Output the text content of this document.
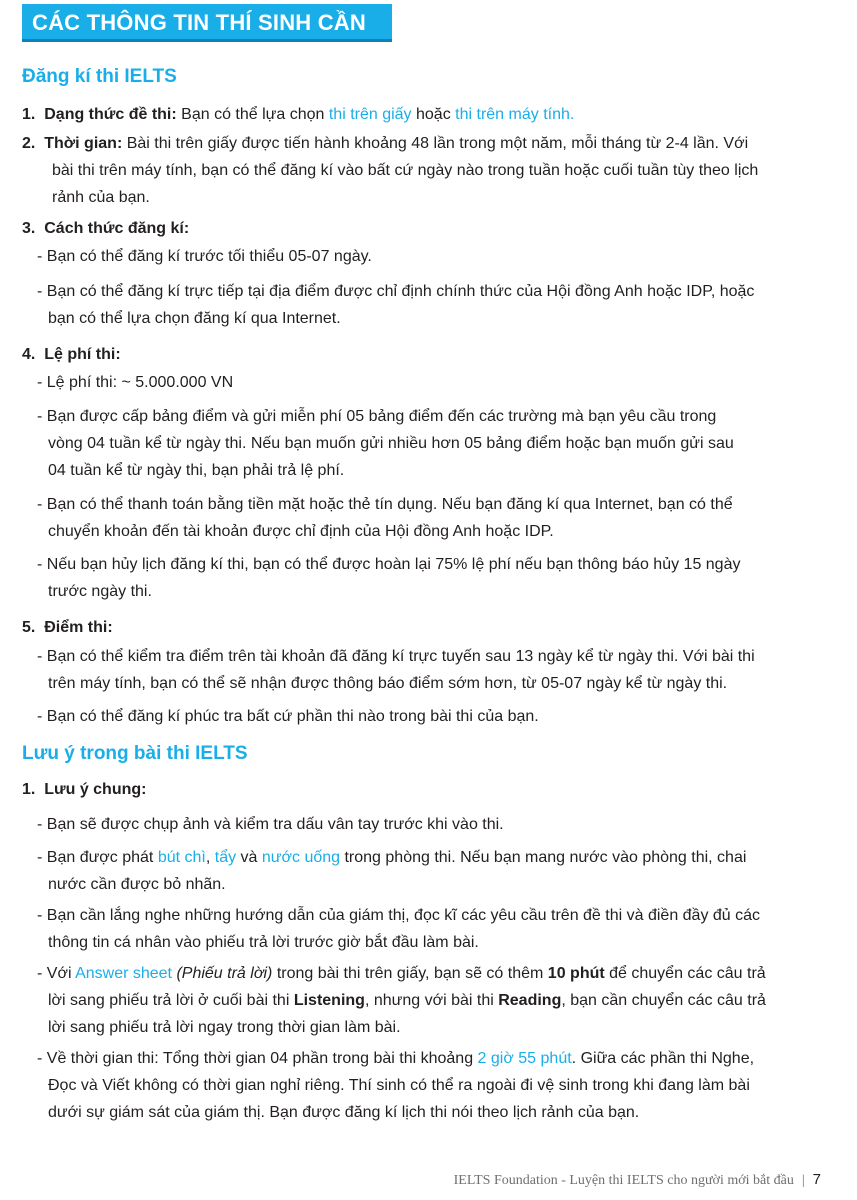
CÁC THÔNG TIN THÍ SINH CẦN BIẾT
Đăng kí thi IELTS
1. Dạng thức đề thi: Bạn có thể lựa chọn thi trên giấy hoặc thi trên máy tính.
2. Thời gian: Bài thi trên giấy được tiến hành khoảng 48 lần trong một năm, mỗi tháng từ 2-4 lần. Với
bài thi trên máy tính, bạn có thể đăng kí vào bất cứ ngày nào trong tuần hoặc cuối tuần tùy theo lịch
rảnh của bạn.
3. Cách thức đăng kí:
- Bạn có thể đăng kí trước tối thiểu 05-07 ngày.
- Bạn có thể đăng kí trực tiếp tại địa điểm được chỉ định chính thức của Hội đồng Anh hoặc IDP, hoặc
bạn có thể lựa chọn đăng kí qua Internet.
4. Lệ phí thi:
- Lệ phí thi: ~ 5.000.000 VN
- Bạn được cấp bảng điểm và gửi miễn phí 05 bảng điểm đến các trường mà bạn yêu cầu trong
vòng 04 tuần kể từ ngày thi. Nếu bạn muốn gửi nhiều hơn 05 bảng điểm hoặc bạn muốn gửi sau
04 tuần kể từ ngày thi, bạn phải trả lệ phí.
- Bạn có thể thanh toán bằng tiền mặt hoặc thẻ tín dụng. Nếu bạn đăng kí qua Internet, bạn có thể
chuyển khoản đến tài khoản được chỉ định của Hội đồng Anh hoặc IDP.
- Nếu bạn hủy lịch đăng kí thi, bạn có thể được hoàn lại 75% lệ phí nếu bạn thông báo hủy 15 ngày
trước ngày thi.
5. Điểm thi:
- Bạn có thể kiểm tra điểm trên tài khoản đã đăng kí trực tuyến sau 13 ngày kể từ ngày thi. Với bài thi
trên máy tính, bạn có thể sẽ nhận được thông báo điểm sớm hơn, từ 05-07 ngày kể từ ngày thi.
- Bạn có thể đăng kí phúc tra bất cứ phần thi nào trong bài thi của bạn.
Lưu ý trong bài thi IELTS
1. Lưu ý chung:
- Bạn sẽ được chụp ảnh và kiểm tra dấu vân tay trước khi vào thi.
- Bạn được phát bút chì, tẩy và nước uống trong phòng thi. Nếu bạn mang nước vào phòng thi, chai
nước cần được bỏ nhãn.
- Bạn cần lắng nghe những hướng dẫn của giám thị, đọc kĩ các yêu cầu trên đề thi và điền đầy đủ các
thông tin cá nhân vào phiếu trả lời trước giờ bắt đầu làm bài.
- Với Answer sheet (Phiếu trả lời) trong bài thi trên giấy, bạn sẽ có thêm 10 phút để chuyển các câu trả
lời sang phiếu trả lời ở cuối bài thi Listening, nhưng với bài thi Reading, bạn cần chuyển các câu trả
lời sang phiếu trả lời ngay trong thời gian làm bài.
- Về thời gian thi: Tổng thời gian 04 phần trong bài thi khoảng 2 giờ 55 phút. Giữa các phần thi Nghe,
Đọc và Viết không có thời gian nghỉ riêng. Thí sinh có thể ra ngoài đi vệ sinh trong khi đang làm bài
dưới sự giám sát của giám thị. Bạn được đăng kí lịch thi nói theo lịch rảnh của bạn.
IELTS Foundation - Luyện thi IELTS cho người mới bắt đầu | 7
